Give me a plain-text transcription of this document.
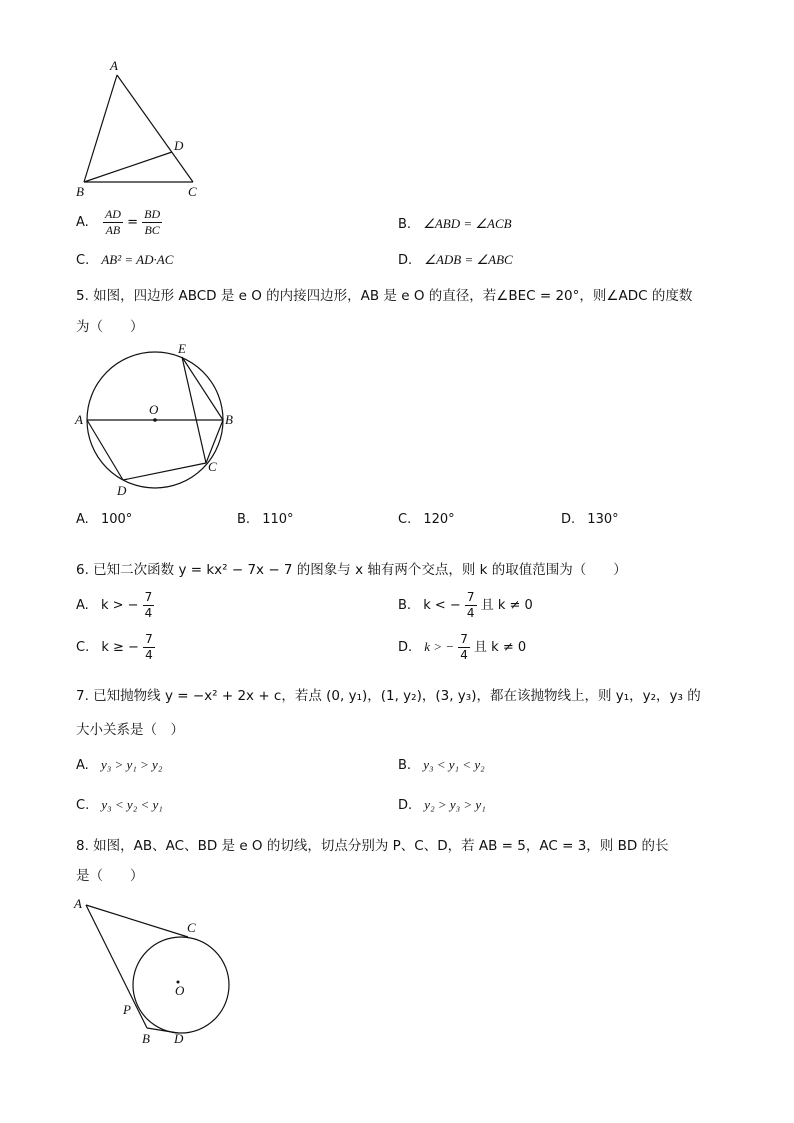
A
D
B	C
A. $\frac{AD}{AB} = \frac{BD}{BC}$	B. ∠ABD = ∠ACB
C. AB² = AD·AC	D. ∠ADB = ∠ABC
5. 如图，四边形 ABCD 是 e O 的内接四边形，AB 是 e O 的直径，若∠BEC = 20°，则∠ADC 的度数
为（　　）
E
O
A	B
C
D
A. 100°	B. 110°	C. 120°	D. 130°
6. 已知二次函数 y = kx² − 7x − 7 的图象与 x 轴有两个交点，则 k 的取值范围为（　　）
A. k > − $\frac{7}{4}$	B. k < − $\frac{7}{4}$ 且 k ≠ 0
C. k ≥ − $\frac{7}{4}$	D. k > − $\frac{7}{4}$ 且 k ≠ 0
7. 已知抛物线 y = −x² + 2x + c，若点 (0, y₁)，(1, y₂)，(3, y₃)，都在该抛物线上，则 y₁，y₂，y₃ 的
大小关系是（　）
A. y₃ > y₁ > y₂	B. y₃ < y₁ < y₂
C. y₃ < y₂ < y₁	D. y₂ > y₃ > y₁
8. 如图，AB、AC、BD 是 e O 的切线，切点分别为 P、C、D，若 AB = 5，AC = 3，则 BD 的长
是（　　）
A
C
O
P
B D
